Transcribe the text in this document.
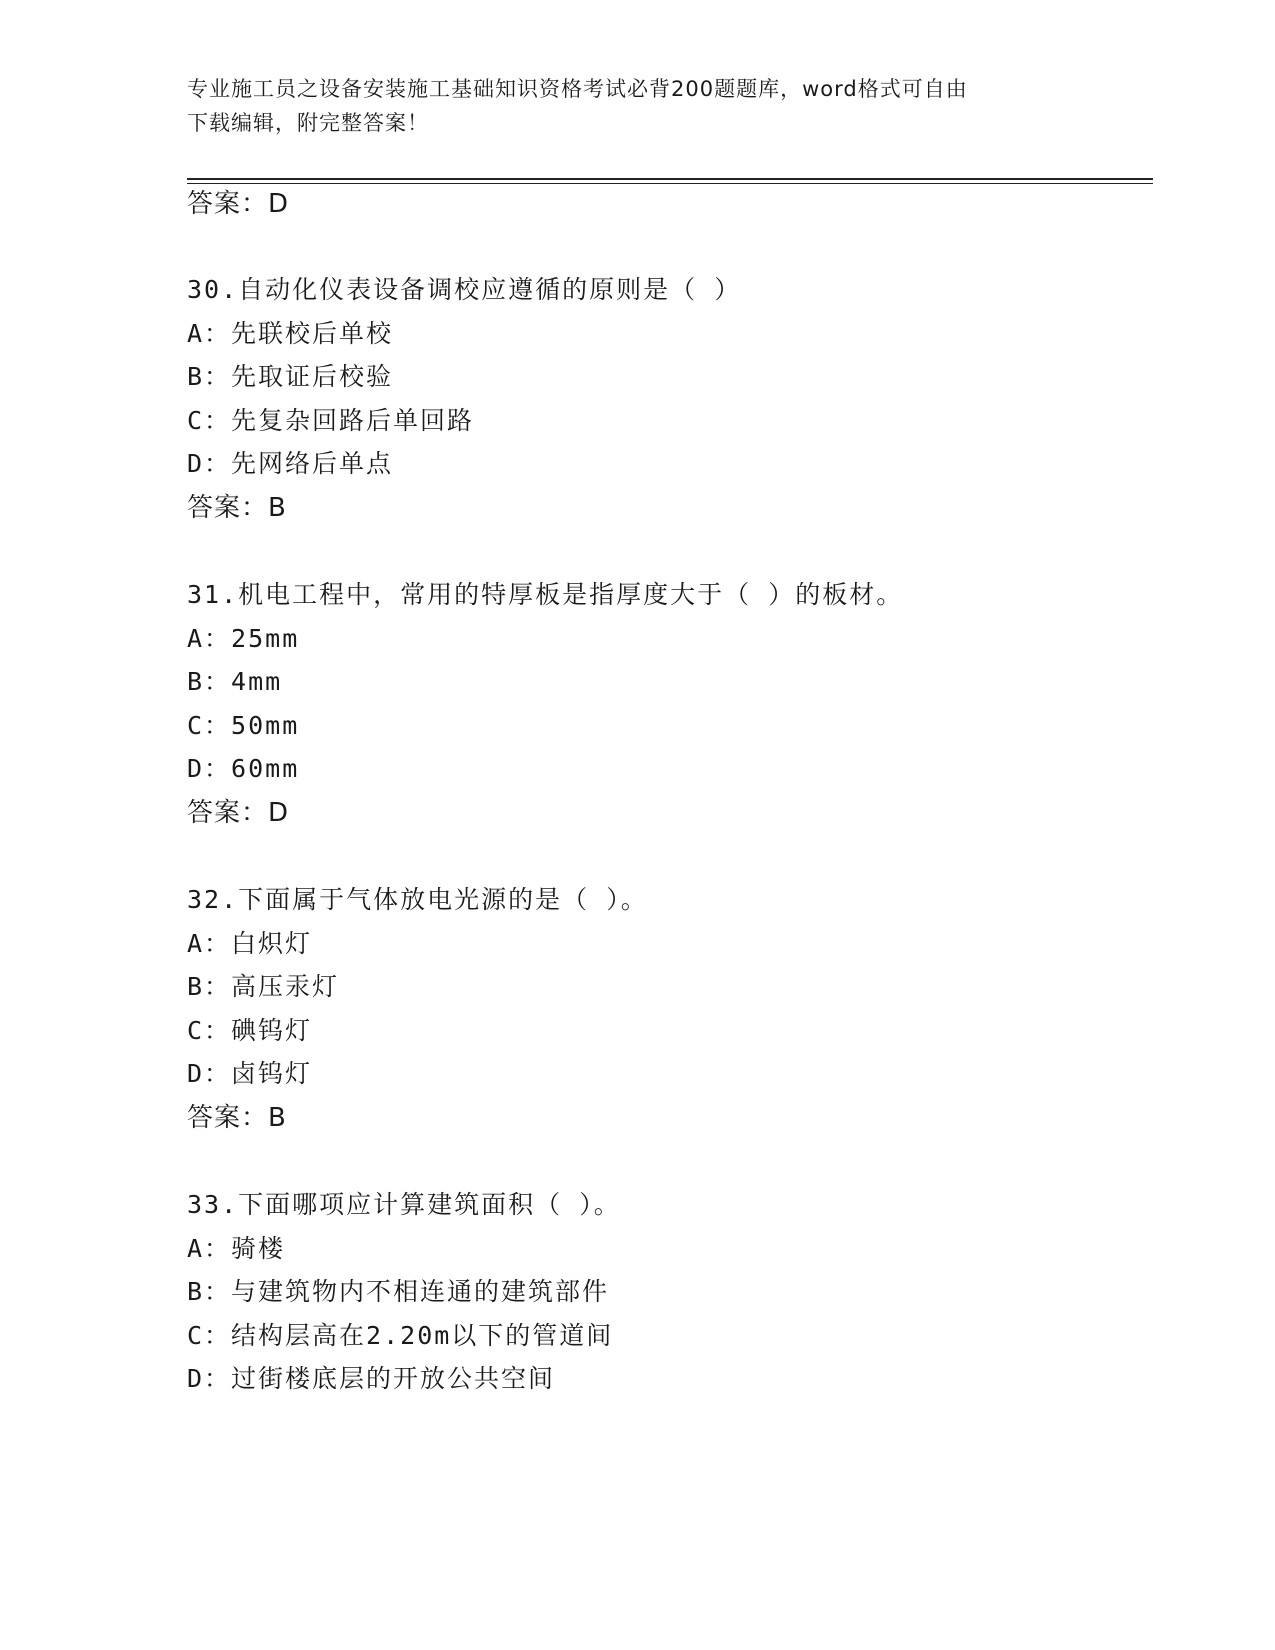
专业施工员之设备安装施工基础知识资格考试必背200题题库，word格式可自由
下载编辑，附完整答案！
答案：D
30.自动化仪表设备调校应遵循的原则是（ ）
A：先联校后单校
B：先取证后校验
C：先复杂回路后单回路
D：先网络后单点
答案：B
31.机电工程中，常用的特厚板是指厚度大于（ ）的板材。
A：25mm
B：4mm
C：50mm
D：60mm
答案：D
32.下面属于气体放电光源的是（ ）。
A：白炽灯
B：高压汞灯
C：碘钨灯
D：卤钨灯
答案：B
33.下面哪项应计算建筑面积（ ）。
A：骑楼
B：与建筑物内不相连通的建筑部件
C：结构层高在2.20m以下的管道间
D：过街楼底层的开放公共空间
